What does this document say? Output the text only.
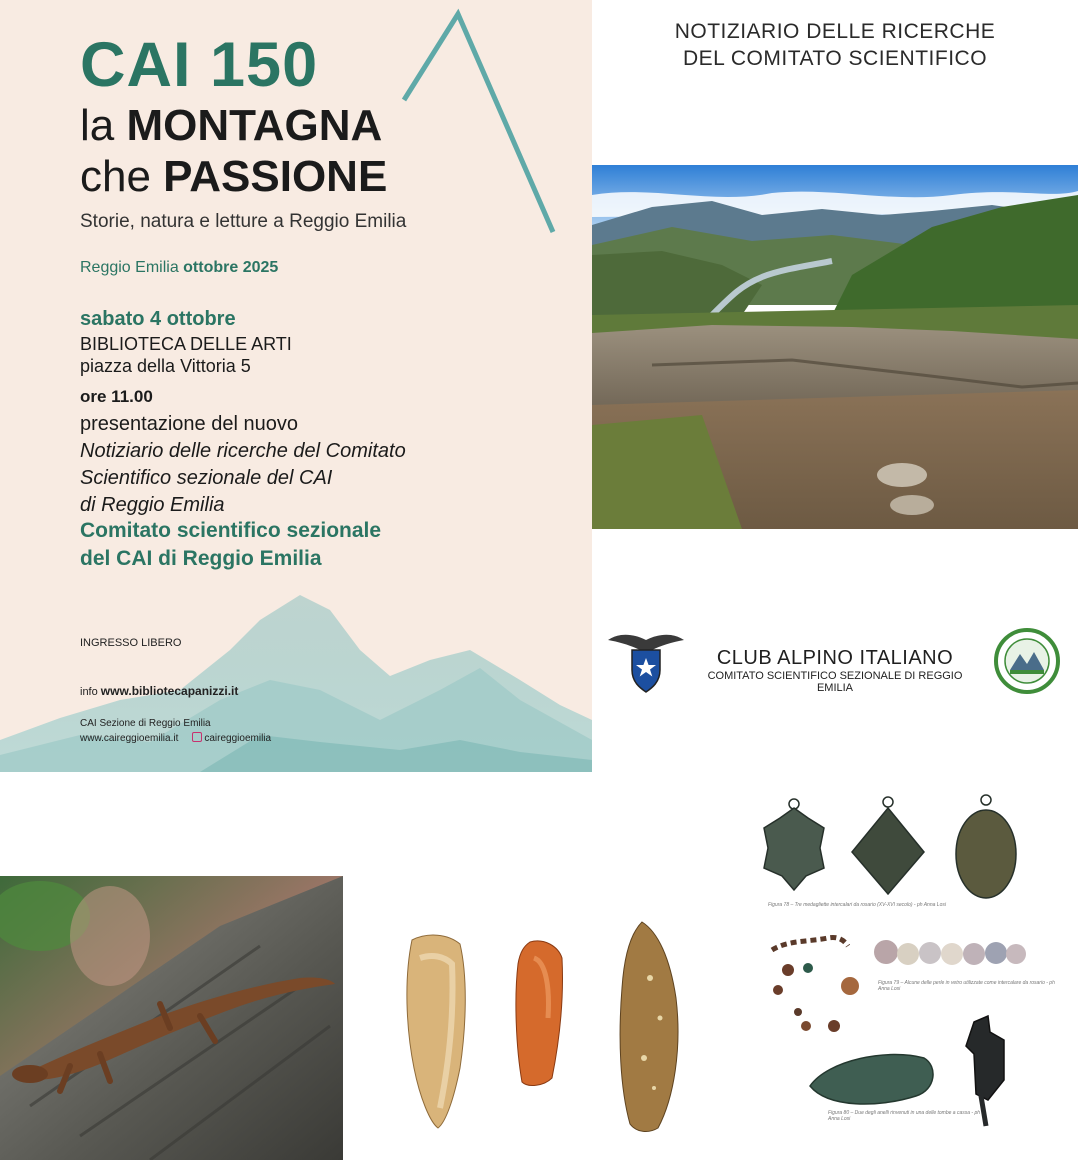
CAI 150
la MONTAGNA
che PASSIONE
Storie, natura e letture a Reggio Emilia
Reggio Emilia ottobre 2025
sabato 4 ottobre
BIBLIOTECA DELLE ARTI
piazza della Vittoria 5
ore 11.00
presentazione del nuovo
Notiziario delle ricerche del Comitato
Scientifico sezionale del CAI
di Reggio Emilia
Comitato scientifico sezionale
del CAI di Reggio Emilia
INGRESSO LIBERO
info www.bibliotecapanizzi.it
CAI Sezione di Reggio Emilia
www.caireggioemilia.it	caireggioemilia
NOTIZIARIO DELLE RICERCHE
DEL COMITATO SCIENTIFICO
CLUB ALPINO ITALIANO
COMITATO SCIENTIFICO SEZIONALE DI REGGIO EMILIA
Figura 78 – Tre medagliette intercalari da rosario (XV-XVI secolo) - ph Anna Losi
Figura 79 – Alcune delle perle in vetro utilizzate come intercalare da rosario - ph Anna Losi
Figura 80 – Due degli anelli rinvenuti in una delle tombe a cassa - ph Anna Losi
